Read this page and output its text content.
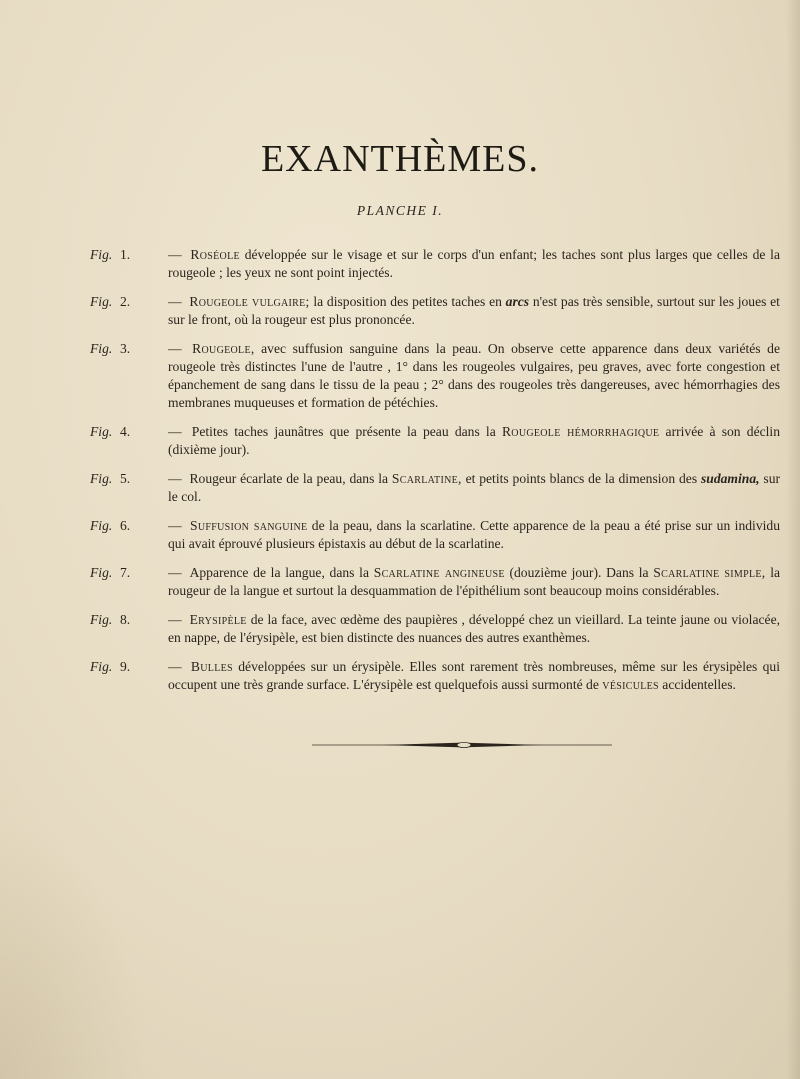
EXANTHÈMES.

PLANCHE I.

Fig. 1.	— Roséole développée sur le visage et sur le corps d'un enfant; les taches sont plus larges que celles de la rougeole ; les yeux ne sont point injectés.
Fig. 2.	— Rougeole vulgaire; la disposition des petites taches en arcs n'est pas très sensible, surtout sur les joues et sur le front, où la rougeur est plus prononcée.
Fig. 3.	— Rougeole, avec suffusion sanguine dans la peau. On observe cette apparence dans deux variétés de rougeole très distinctes l'une de l'autre , 1° dans les rougeoles vulgaires, peu graves, avec forte congestion et épanchement de sang dans le tissu de la peau ; 2° dans des rougeoles très dangereuses, avec hémorrhagies des membranes muqueuses et formation de pétéchies.
Fig. 4.	— Petites taches jaunâtres que présente la peau dans la Rougeole hémorrhagique arrivée à son déclin (dixième jour).
Fig. 5.	— Rougeur écarlate de la peau, dans la Scarlatine, et petits points blancs de la dimension des sudamina, sur le col.
Fig. 6.	— Suffusion sanguine de la peau, dans la scarlatine. Cette apparence de la peau a été prise sur un individu qui avait éprouvé plusieurs épistaxis au début de la scarlatine.
Fig. 7.	— Apparence de la langue, dans la Scarlatine angineuse (douzième jour). Dans la Scarlatine simple, la rougeur de la langue et surtout la desquammation de l'épithélium sont beaucoup moins considérables.
Fig. 8.	— Erysipèle de la face, avec œdème des paupières , développé chez un vieillard. La teinte jaune ou violacée, en nappe, de l'érysipèle, est bien distincte des nuances des autres exanthèmes.
Fig. 9.	— Bulles développées sur un érysipèle. Elles sont rarement très nombreuses, même sur les érysipèles qui occupent une très grande surface. L'érysipèle est quelquefois aussi surmonté de vésicules accidentelles.
